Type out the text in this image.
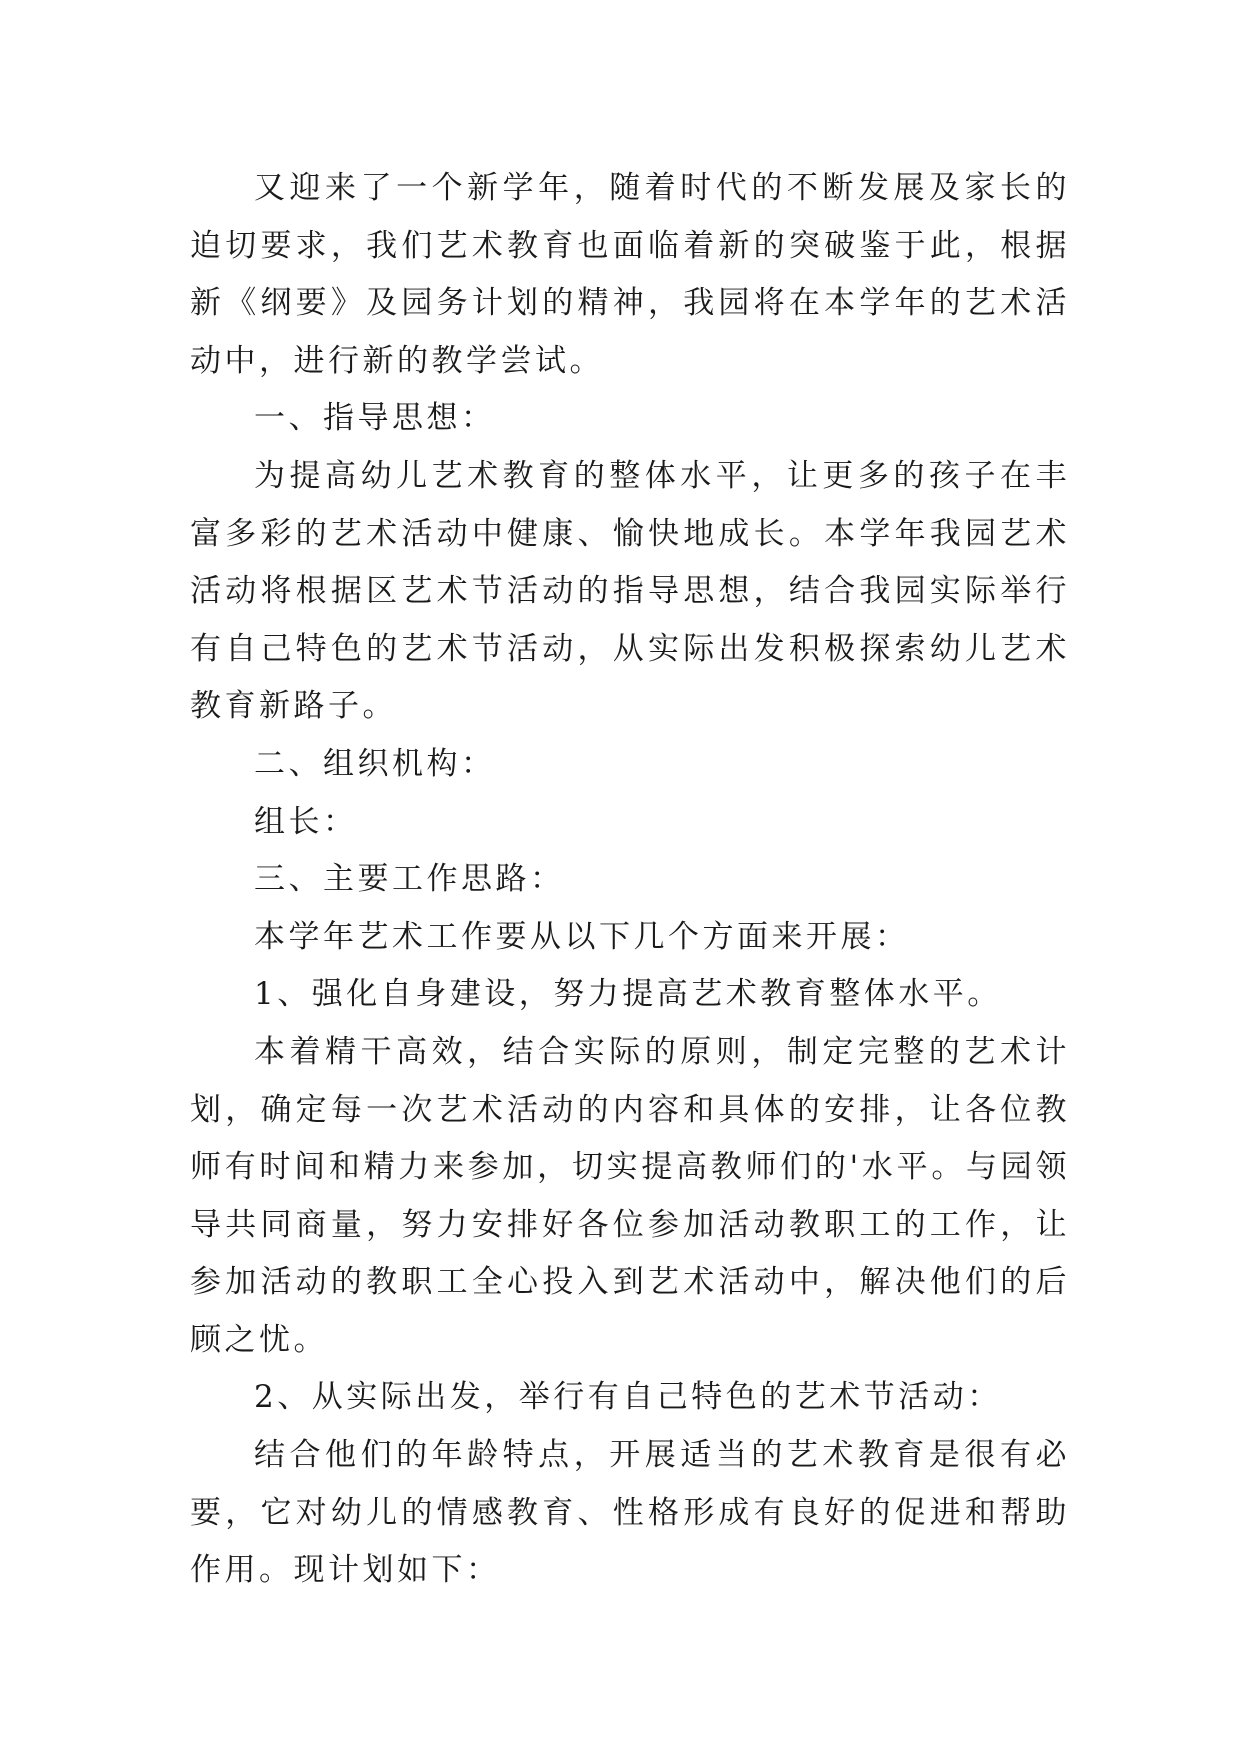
又迎来了一个新学年，随着时代的不断发展及家长的迫切要求，我们艺术教育也面临着新的突破鉴于此，根据新《纲要》及园务计划的精神，我园将在本学年的艺术活动中，进行新的教学尝试。

一、指导思想：

为提高幼儿艺术教育的整体水平，让更多的孩子在丰富多彩的艺术活动中健康、愉快地成长。本学年我园艺术活动将根据区艺术节活动的指导思想，结合我园实际举行有自己特色的艺术节活动，从实际出发积极探索幼儿艺术教育新路子。

二、组织机构：

组长：

三、主要工作思路：

本学年艺术工作要从以下几个方面来开展：

1、强化自身建设，努力提高艺术教育整体水平。

本着精干高效，结合实际的原则，制定完整的艺术计划，确定每一次艺术活动的内容和具体的安排，让各位教师有时间和精力来参加，切实提高教师们的'水平。与园领导共同商量，努力安排好各位参加活动教职工的工作，让参加活动的教职工全心投入到艺术活动中，解决他们的后顾之忧。

2、从实际出发，举行有自己特色的艺术节活动：

结合他们的年龄特点，开展适当的艺术教育是很有必要，它对幼儿的情感教育、性格形成有良好的促进和帮助作用。现计划如下：
